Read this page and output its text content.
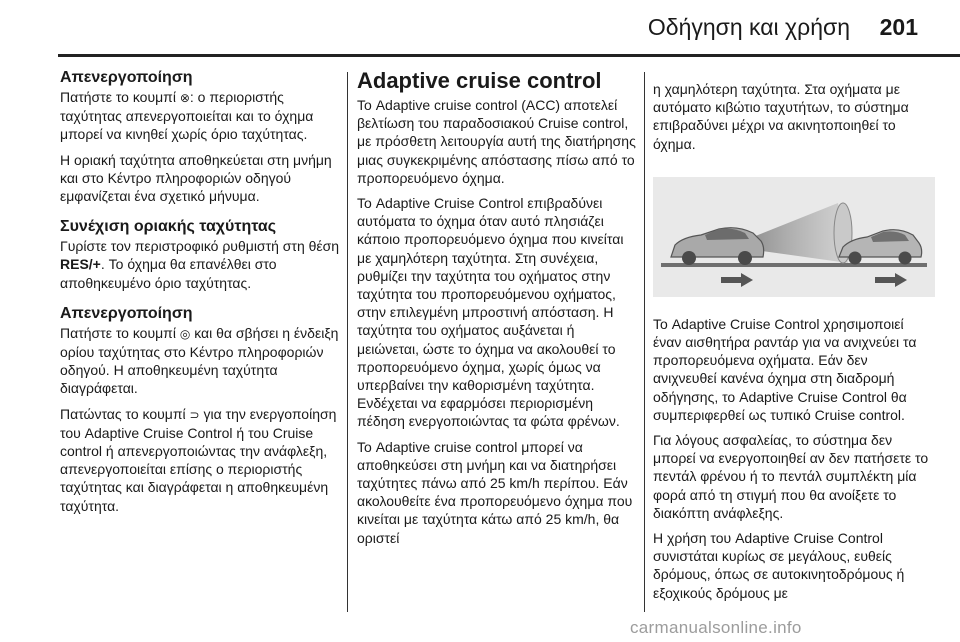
Οδήγηση και χρήση 201
Απενεργοποίηση

Πατήστε το κουμπί ⊗: ο περιοριστής ταχύτητας απενεργοποιείται και το όχημα μπορεί να κινηθεί χωρίς όριο ταχύτητας.

Η οριακή ταχύτητα αποθηκεύεται στη μνήμη και στο Κέντρο πληροφοριών οδηγού εμφανίζεται ένα σχετικό μήνυμα.

Συνέχιση οριακής ταχύτητας

Γυρίστε τον περιστροφικό ρυθμιστή στη θέση RES/+. Το όχημα θα επανέλθει στο αποθηκευμένο όριο ταχύτητας.

Απενεργοποίηση

Πατήστε το κουμπί ◎ και θα σβήσει η ένδειξη ορίου ταχύτητας στο Κέντρο πληροφοριών οδηγού. Η αποθηκευμένη ταχύτητα διαγράφεται.

Πατώντας το κουμπί ⊃ για την ενεργοποίηση του Adaptive Cruise Control ή του Cruise control ή απενεργοποιώντας την ανάφλεξη, απενεργοποιείται επίσης ο περιοριστής ταχύτητας και διαγράφεται η αποθηκευμένη ταχύτητα.

Adaptive cruise control

Το Adaptive cruise control (ACC) αποτελεί βελτίωση του παραδοσιακού Cruise control, με πρόσθετη λειτουργία αυτή της διατήρησης μιας συγκεκριμένης απόστασης πίσω από το προπορευόμενο όχημα.

Το Adaptive Cruise Control επιβραδύνει αυτόματα το όχημα όταν αυτό πλησιάζει κάποιο προπορευόμενο όχημα που κινείται με χαμηλότερη ταχύτητα. Στη συνέχεια, ρυθμίζει την ταχύτητα του οχήματος στην ταχύτητα του προπορευόμενου οχήματος, στην επιλεγμένη μπροστινή απόσταση. Η ταχύτητα του οχήματος αυξάνεται ή μειώνεται, ώστε το όχημα να ακολουθεί το προπορευόμενο όχημα, χωρίς όμως να υπερβαίνει την καθορισμένη ταχύτητα. Ενδέχεται να εφαρμόσει περιορισμένη πέδηση ενεργοποιώντας τα φώτα φρένων.

Το Adaptive cruise control μπορεί να αποθηκεύσει στη μνήμη και να διατηρήσει ταχύτητες πάνω από 25 km/h περίπου. Εάν ακολουθείτε ένα προπορευόμενο όχημα που κινείται με ταχύτητα κάτω από 25 km/h, θα οριστεί

η χαμηλότερη ταχύτητα. Στα οχήματα με αυτόματο κιβώτιο ταχυτήτων, το σύστημα επιβραδύνει μέχρι να ακινητοποιηθεί το όχημα.

Το Adaptive Cruise Control χρησιμοποιεί έναν αισθητήρα ραντάρ για να ανιχνεύει τα προπορευόμενα οχήματα. Εάν δεν ανιχνευθεί κανένα όχημα στη διαδρομή οδήγησης, το Adaptive Cruise Control θα συμπεριφερθεί ως τυπικό Cruise control.

Για λόγους ασφαλείας, το σύστημα δεν μπορεί να ενεργοποιηθεί αν δεν πατήσετε το πεντάλ φρένου ή το πεντάλ συμπλέκτη μία φορά από τη στιγμή που θα ανοίξετε το διακόπτη ανάφλεξης.

Η χρήση του Adaptive Cruise Control συνιστάται κυρίως σε μεγάλους, ευθείς δρόμους, όπως σε αυτοκινητοδρόμους ή εξοχικούς δρόμους με

carmanualsonline.info
